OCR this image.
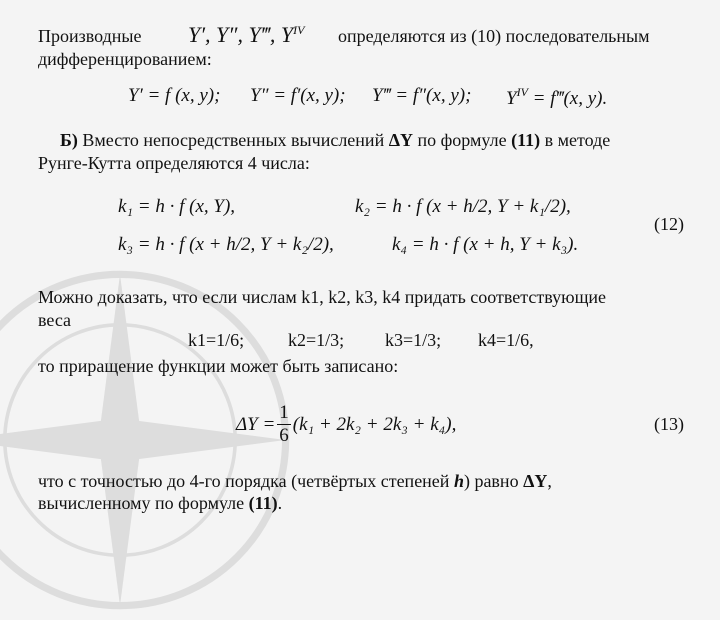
Производные Y′, Y″, Y‴, $Y^{IV}$ определяются из (10) последовательным
дифференцированием:
Y′ = f (x, y); Y″ = f′(x, y); Y‴ = f″(x, y); $Y^{IV}$ = f‴(x, y).
Б) Вместо непосредственных вычислений ΔY по формуле (11) в методе
Рунге-Кутта определяются 4 числа:
k₁ = h · f (x, Y),	k₂ = h · f (x + h/2, Y + k₁/2),
(12)
k₃ = h · f (x + h/2, Y + k₂/2),	k₄ = h · f (x + h, Y + k₃).
Можно доказать, что если числам k1, k2, k3, k4 придать соответствующие
веса
k1=1/6; k2=1/3; k3=1/3; k4=1/6,
то приращение функции может быть записано:
$\Delta Y = \frac{1}{6} (k_1 + 2k_2 + 2k_3 + k_4)$,	(13)
что с точностью до 4-го порядка (четвёртых степеней h) равно ΔY,
вычисленному по формуле (11).
